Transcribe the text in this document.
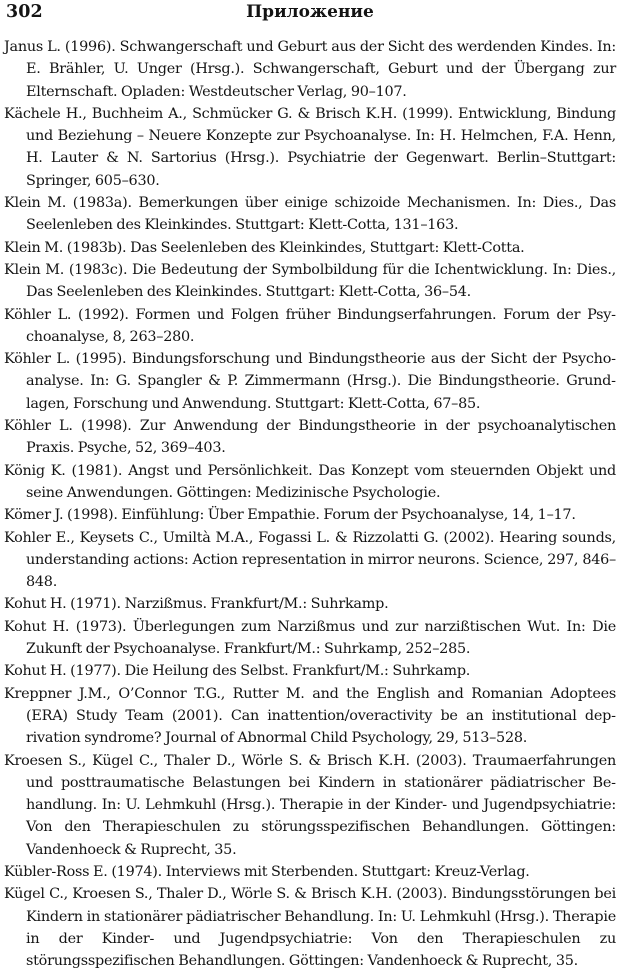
302	Приложение
Janus L. (1996). Schwangerschaft und Geburt aus der Sicht des werdenden Kindes. In: E. Brähler, U. Unger (Hrsg.). Schwangerschaft, Geburt und der Übergang zur Elternschaft. Opladen: Westdeutscher Verlag, 90–107.
Kächele H., Buchheim A., Schmücker G. & Brisch K.H. (1999). Entwicklung, Bindung und Beziehung – Neuere Konzepte zur Psychoanalyse. In: H. Helmchen, F.A. Henn, H. Lauter & N. Sartorius (Hrsg.). Psychiatrie der Gegenwart. Berlin–Stuttgart: Springer, 605–630.
Klein M. (1983a). Bemerkungen über einige schizoide Mechanismen. In: Dies., Das Seelenleben des Kleinkindes. Stuttgart: Klett-Cotta, 131–163.
Klein M. (1983b). Das Seelenleben des Kleinkindes, Stuttgart: Klett-Cotta.
Klein M. (1983c). Die Bedeutung der Symbolbildung für die Ichentwicklung. In: Dies., Das Seelenleben des Kleinkindes. Stuttgart: Klett-Cotta, 36–54.
Köhler L. (1992). Formen und Folgen früher Bindungserfahrungen. Forum der Psychoanalyse, 8, 263–280.
Köhler L. (1995). Bindungsforschung und Bindungstheorie aus der Sicht der Psychoanalyse. In: G. Spangler & P. Zimmermann (Hrsg.). Die Bindungstheorie. Grundlagen, Forschung und Anwendung. Stuttgart: Klett-Cotta, 67–85.
Köhler L. (1998). Zur Anwendung der Bindungstheorie in der psychoanalytischen Praxis. Psyche, 52, 369–403.
König K. (1981). Angst und Persönlichkeit. Das Konzept vom steuernden Objekt und seine Anwendungen. Göttingen: Medizinische Psychologie.
Kömer J. (1998). Einfühlung: Über Empathie. Forum der Psychoanalyse, 14, 1–17.
Kohler E., Keysets C., Umiltà M.A., Fogassi L. & Rizzolatti G. (2002). Hearing sounds, understanding actions: Action representation in mirror neurons. Science, 297, 846–848.
Kohut H. (1971). Narzißmus. Frankfurt/M.: Suhrkamp.
Kohut H. (1973). Überlegungen zum Narzißmus und zur narzißtischen Wut. In: Die Zukunft der Psychoanalyse. Frankfurt/M.: Suhrkamp, 252–285.
Kohut H. (1977). Die Heilung des Selbst. Frankfurt/M.: Suhrkamp.
Kreppner J.M., O’Connor T.G., Rutter M. and the English and Romanian Adoptees (ERA) Study Team (2001). Can inattention/overactivity be an institutional deprivation syndrome? Journal of Abnormal Child Psychology, 29, 513–528.
Kroesen S., Kügel C., Thaler D., Wörle S. & Brisch K.H. (2003). Traumaerfahrungen und posttraumatische Belastungen bei Kindern in stationärer pädiatrischer Behandlung. In: U. Lehmkuhl (Hrsg.). Therapie in der Kinder- und Jugendpsychiatrie: Von den Therapieschulen zu störungsspezifischen Behandlungen. Göttingen: Vandenhoeck & Ruprecht, 35.
Kübler-Ross E. (1974). Interviews mit Sterbenden. Stuttgart: Kreuz-Verlag.
Kügel C., Kroesen S., Thaler D., Wörle S. & Brisch K.H. (2003). Bindungsstörungen bei Kindern in stationärer pädiatrischer Behandlung. In: U. Lehmkuhl (Hrsg.). Therapie in der Kinder- und Jugendpsychiatrie: Von den Therapieschulen zu störungsspezifischen Behandlungen. Göttingen: Vandenhoeck & Ruprecht, 35.
